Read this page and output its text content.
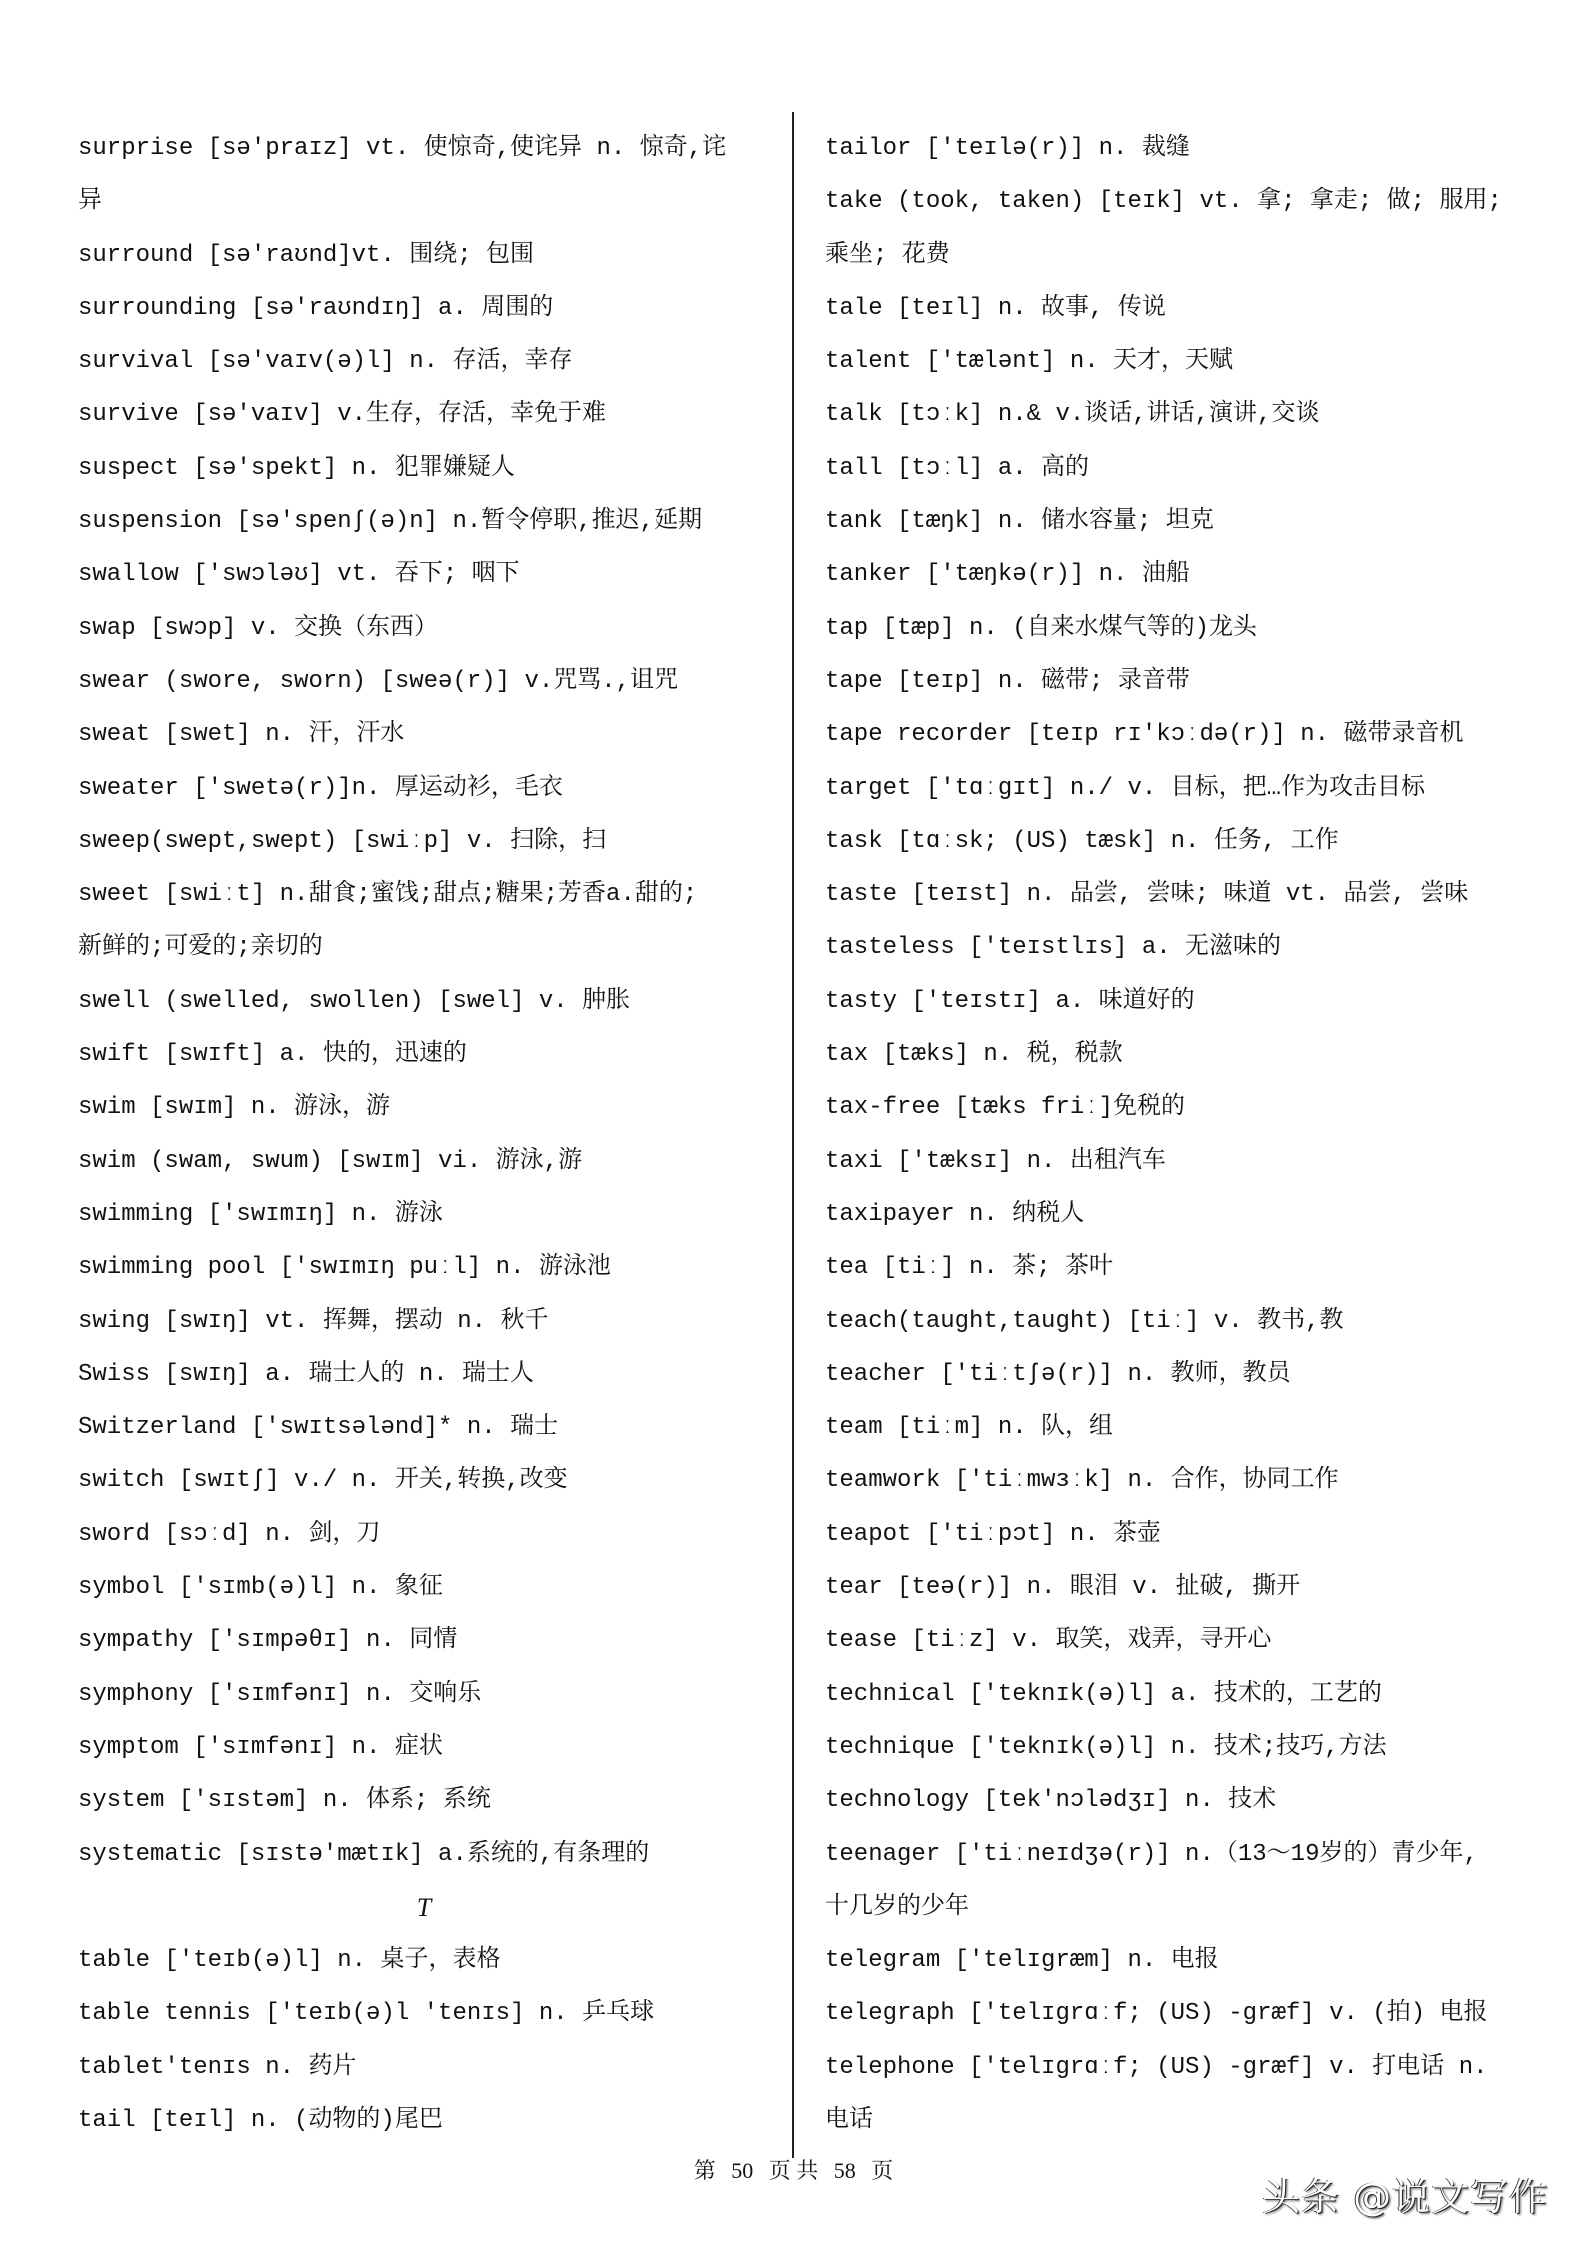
surprise [sə'praɪz] vt. 使惊奇,使诧异 n. 惊奇,诧
异
surround [sə'raʊnd]vt. 围绕; 包围
surrounding [sə'raʊndɪŋ] a. 周围的
survival [sə'vaɪv(ə)l] n. 存活，幸存
survive [sə'vaɪv] v.生存，存活，幸免于难
suspect [sə'spekt] n. 犯罪嫌疑人
suspension [sə'spenʃ(ə)n] n.暂令停职,推迟,延期
swallow ['swɔləʊ] vt. 吞下; 咽下
swap [swɔp] v. 交换（东西）
swear (swore, sworn) [sweə(r)] v.咒骂.,诅咒
sweat [swet] n. 汗，汗水
sweater ['swetə(r)]n. 厚运动衫，毛衣
sweep(swept,swept) [swiːp] v. 扫除，扫
sweet [swiːt] n.甜食;蜜饯;甜点;糖果;芳香a.甜的;
新鲜的;可爱的;亲切的
swell (swelled, swollen) [swel] v. 肿胀
swift [swɪft] a. 快的，迅速的
swim [swɪm] n. 游泳，游
swim (swam, swum) [swɪm] vi. 游泳,游
swimming ['swɪmɪŋ] n. 游泳
swimming pool ['swɪmɪŋ puːl] n. 游泳池
swing [swɪŋ] vt. 挥舞，摆动 n. 秋千
Swiss [swɪŋ] a. 瑞士人的 n. 瑞士人
Switzerland ['swɪtsələnd]* n. 瑞士
switch [swɪtʃ] v./ n. 开关,转换,改变
sword [sɔːd] n. 剑，刀
symbol ['sɪmb(ə)l] n. 象征
sympathy ['sɪmpəθɪ] n. 同情
symphony ['sɪmfənɪ] n. 交响乐
symptom ['sɪmfənɪ] n. 症状
system ['sɪstəm] n. 体系; 系统
systematic [sɪstə'mætɪk] a.系统的,有条理的
T
table ['teɪb(ə)l] n. 桌子，表格
table tennis ['teɪb(ə)l 'tenɪs] n. 乒乓球
tablet'tenɪs n. 药片
tail [teɪl] n. (动物的)尾巴
tailor ['teɪlə(r)] n. 裁缝
take (took, taken) [teɪk] vt. 拿; 拿走; 做; 服用;
乘坐; 花费
tale [teɪl] n. 故事, 传说
talent ['tælənt] n. 天才，天赋
talk [tɔːk] n.& v.谈话,讲话,演讲,交谈
tall [tɔːl] a. 高的
tank [tæŋk] n. 储水容量; 坦克
tanker ['tæŋkə(r)] n. 油船
tap [tæp] n. (自来水煤气等的)龙头
tape [teɪp] n. 磁带; 录音带
tape recorder [teɪp rɪ'kɔːdə(r)] n. 磁带录音机
target ['tɑːgɪt] n./ v. 目标，把…作为攻击目标
task [tɑːsk; (US) tæsk] n. 任务, 工作
taste [teɪst] n. 品尝, 尝味; 味道 vt. 品尝, 尝味
tasteless ['teɪstlɪs] a. 无滋味的
tasty ['teɪstɪ] a. 味道好的
tax [tæks] n. 税，税款
tax-free [tæks friː]免税的
taxi ['tæksɪ] n. 出租汽车
taxipayer n. 纳税人
tea [tiː] n. 茶; 茶叶
teach(taught,taught) [tiː] v. 教书,教
teacher ['tiːtʃə(r)] n. 教师，教员
team [tiːm] n. 队，组
teamwork ['tiːmwɜːk] n. 合作，协同工作
teapot ['tiːpɔt] n. 茶壶
tear [teə(r)] n. 眼泪 v. 扯破, 撕开
tease [tiːz] v. 取笑，戏弄，寻开心
technical ['teknɪk(ə)l] a. 技术的，工艺的
technique ['teknɪk(ə)l] n. 技术;技巧,方法
technology [tek'nɔlədʒɪ] n. 技术
teenager ['tiːneɪdʒə(r)] n.（13～19岁的）青少年,
十几岁的少年
telegram ['telɪgræm] n. 电报
telegraph ['telɪgrɑːf; (US) -græf] v. (拍) 电报
telephone ['telɪgrɑːf; (US) -græf] v. 打电话 n.
电话
第 50 页 共 58 页
头条 @说文写作
